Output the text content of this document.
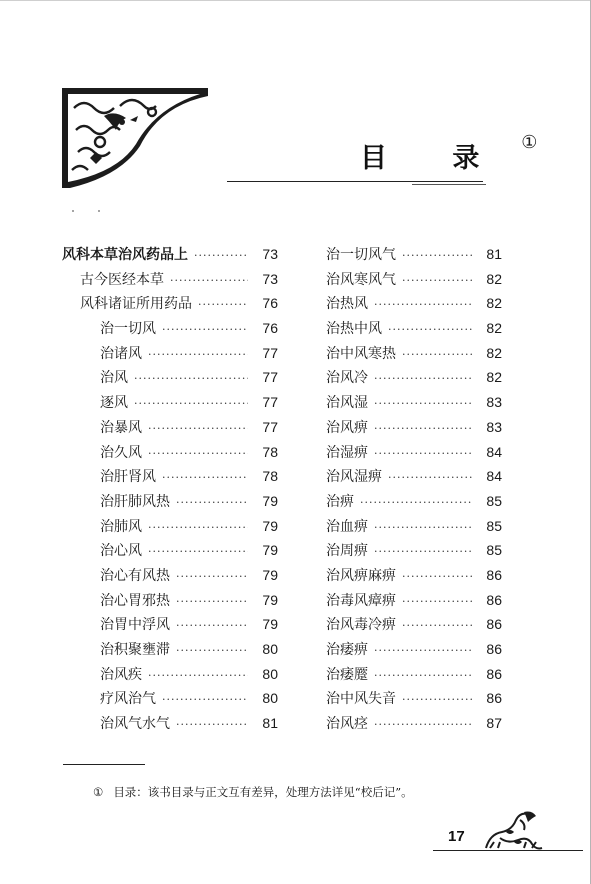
目 录
①
风科本草治风药品上 ·····	73
古今医经本草 ·····	73
风科诸证所用药品 ·····	76
治一切风 ·····	76
治诸风 ·····	77
治风 ·····	77
逐风 ·····	77
治暴风 ·····	77
治久风 ·····	78
治肝肾风 ·····	78
治肝肺风热 ·····	79
治肺风 ·····	79
治心风 ·····	79
治心有风热 ·····	79
治心胃邪热 ·····	79
治胃中浮风 ·····	79
治积聚壅滞 ·····	80
治风疾 ·····	80
疗风治气 ·····	80
治风气水气 ·····	81
治一切风气 ·····	81
治风寒风气 ·····	82
治热风 ·····	82
治热中风 ·····	82
治中风寒热 ·····	82
治风冷 ·····	82
治风湿 ·····	83
治风痹 ·····	83
治湿痹 ·····	84
治风湿痹 ·····	84
治痹 ·····	85
治血痹 ·····	85
治周痹 ·····	85
治风痹麻痹 ·····	86
治毒风瘴痹 ·····	86
治风毒冷痹 ·····	86
治痿痹 ·····	86
治痿蹷 ·····	86
治中风失音 ·····	86
治风痉 ·····	87
① 目录：该书目录与正文互有差异，处理方法详见“校后记”。
17
